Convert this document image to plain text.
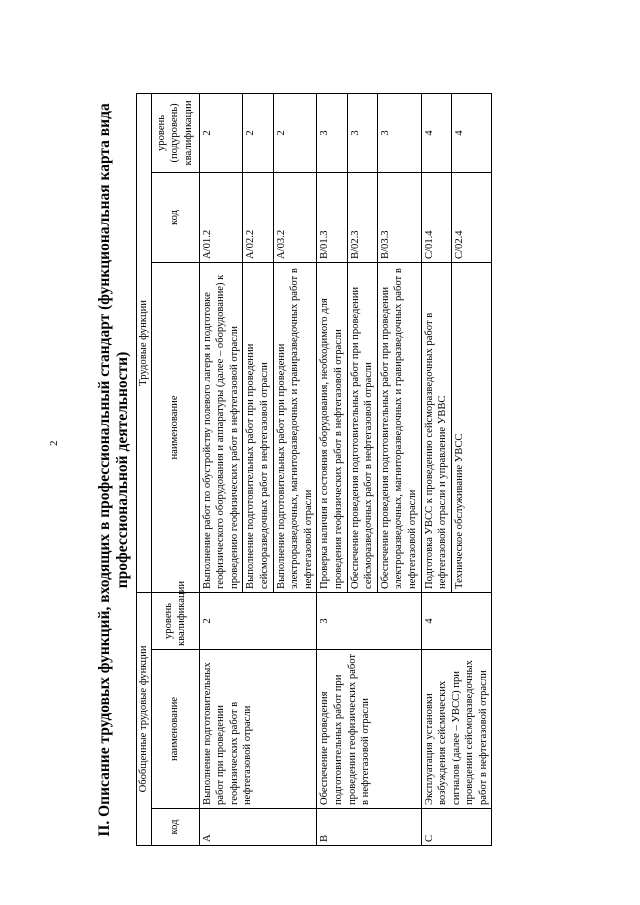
2 II. Описание трудовых функций, входящих в профессиональный стандарт (функциональная карта вида профессиональной деятельности)
Обобщенные трудовые функции			Трудовые функции		
код	наименование	уровень квалификации	наименование	код	уровень (подуровень) квалификации
A	Выполнение подготовительных работ при проведении геофизических работ в нефтегазовой отрасли	2	Выполнение работ по обустройству полевого лагеря и подготовке геофизического оборудования и аппаратуры (далее – оборудование) к проведению геофизических работ в нефтегазовой отрасли	A/01.2	2
			Выполнение подготовительных работ при проведении сейсморазведочных работ в нефтегазовой отрасли	A/02.2	2
			Выполнение подготовительных работ при проведении электроразведочных, магниторазведочных и гравиразведочных работ в нефтегазовой отрасли	A/03.2	2
B	Обеспечение проведения подготовительных работ при проведении геофизических работ в нефтегазовой отрасли	3	Проверка наличия и состояния оборудования, необходимого для проведения геофизических работ в нефтегазовой отрасли	B/01.3	3
			Обеспечение проведения подготовительных работ при проведении сейсморазведочных работ в нефтегазовой отрасли	B/02.3	3
			Обеспечение проведения подготовительных работ при проведении электроразведочных, магниторазведочных и гравиразведочных работ в нефтегазовой отрасли	B/03.3	3
C	Эксплуатация установки возбуждения сейсмических сигналов (далее – УВСС) при проведении сейсморазведочных работ в нефтегазовой отрасли	4	Подготовка УВСС к проведению сейсморазведочных работ в нефтегазовой отрасли и управление УВВС	C/01.4	4
			Техническое обслуживание УВСС	C/02.4	4
